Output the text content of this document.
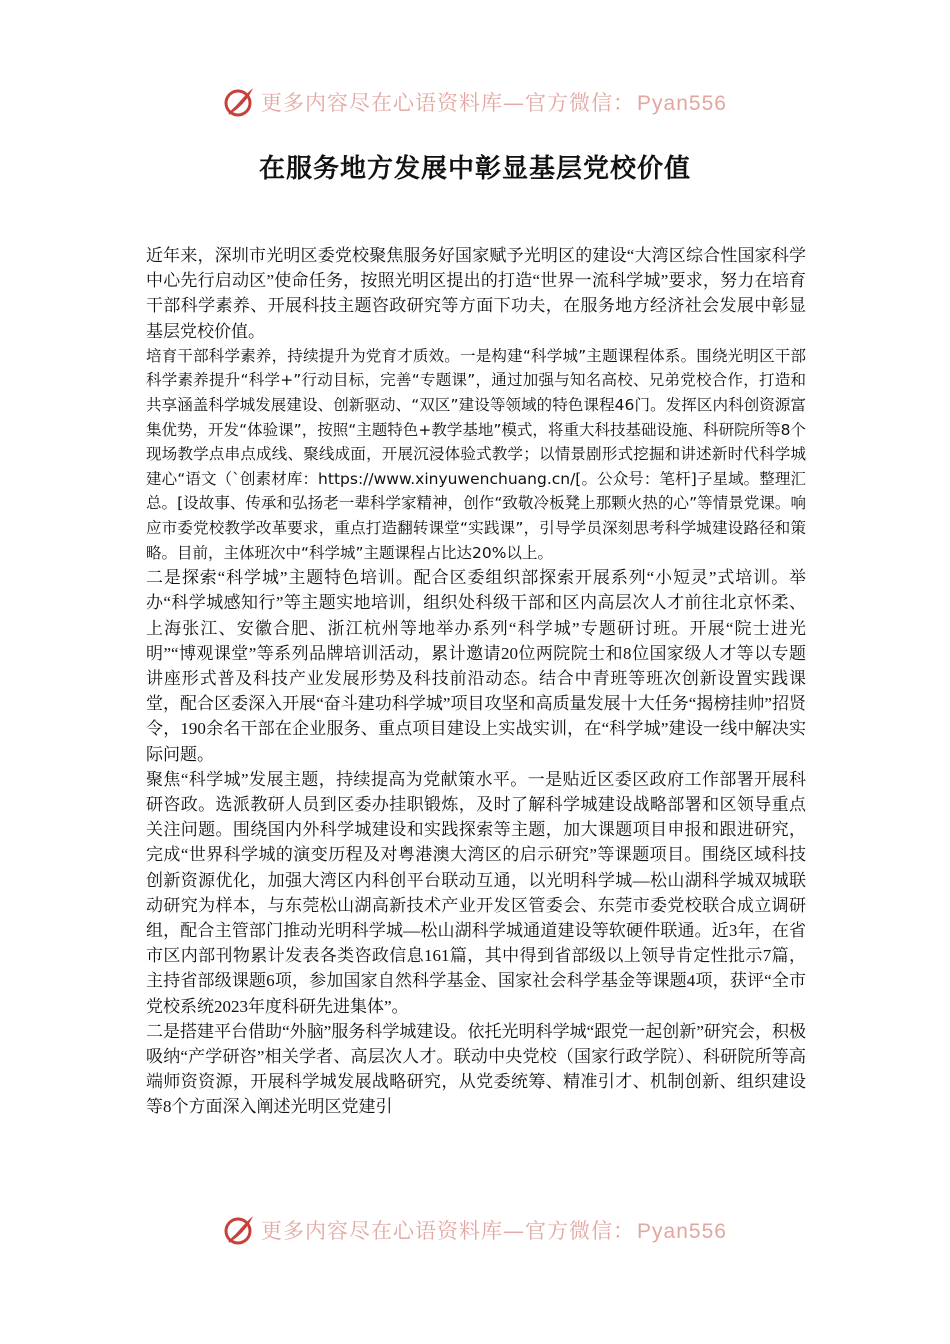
更多内容尽在心语资料库—官方微信：Pyan556
在服务地方发展中彰显基层党校价值

近年来，深圳市光明区委党校聚焦服务好国家赋予光明区的建设“大湾区综合性国家科学中心先行启动区”使命任务，按照光明区提出的打造“世界一流科学城”要求，努力在培育干部科学素养、开展科技主题咨政研究等方面下功夫，在服务地方经济社会发展中彰显基层党校价值。

培育干部科学素养，持续提升为党育才质效。一是构建“科学城”主题课程体系。围绕光明区干部科学素养提升“科学+”行动目标，完善“专题课”，通过加强与知名高校、兄弟党校合作，打造和共享涵盖科学城发展建设、创新驱动、“双区”建设等领域的特色课程46门。发挥区内科创资源富集优势，开发“体验课”，按照“主题特色+教学基地”模式，将重大科技基础设施、科研院所等8个现场教学点串点成线、聚线成面，开展沉浸体验式教学；以情景剧形式挖掘和讲述新时代科学城建心“语文（`创素材库：https://www.xinyuwenchuang.cn/[。公众号：笔杆]子星域。整理汇总。[设故事、传承和弘扬老一辈科学家精神，创作“致敬冷板凳上那颗火热的心”等情景党课。响应市委党校教学改革要求，重点打造翻转课堂“实践课”，引导学员深刻思考科学城建设路径和策略。目前，主体班次中“科学城”主题课程占比达20%以上。

二是探索“科学城”主题特色培训。配合区委组织部探索开展系列“小短灵”式培训。举办“科学城感知行”等主题实地培训，组织处科级干部和区内高层次人才前往北京怀柔、上海张江、安徽合肥、浙江杭州等地举办系列“科学城”专题研讨班。开展“院士进光明”“博观课堂”等系列品牌培训活动，累计邀请20位两院院士和8位国家级人才等以专题讲座形式普及科技产业发展形势及科技前沿动态。结合中青班等班次创新设置实践课堂，配合区委深入开展“奋斗建功科学城”项目攻坚和高质量发展十大任务“揭榜挂帅”招贤令，190余名干部在企业服务、重点项目建设上实战实训，在“科学城”建设一线中解决实际问题。

聚焦“科学城”发展主题，持续提高为党献策水平。一是贴近区委区政府工作部署开展科研咨政。选派教研人员到区委办挂职锻炼，及时了解科学城建设战略部署和区领导重点关注问题。围绕国内外科学城建设和实践探索等主题，加大课题项目申报和跟进研究，完成“世界科学城的演变历程及对粤港澳大湾区的启示研究”等课题项目。围绕区域科技创新资源优化，加强大湾区内科创平台联动互通，以光明科学城—松山湖科学城双城联动研究为样本，与东莞松山湖高新技术产业开发区管委会、东莞市委党校联合成立调研组，配合主管部门推动光明科学城—松山湖科学城通道建设等软硬件联通。近3年，在省市区内部刊物累计发表各类咨政信息161篇，其中得到省部级以上领导肯定性批示7篇，主持省部级课题6项，参加国家自然科学基金、国家社会科学基金等课题4项，获评“全市党校系统2023年度科研先进集体”。

二是搭建平台借助“外脑”服务科学城建设。依托光明科学城“跟党一起创新”研究会，积极吸纳“产学研咨”相关学者、高层次人才。联动中央党校（国家行政学院）、科研院所等高端师资资源，开展科学城发展战略研究，从党委统筹、精准引才、机制创新、组织建设等8个方面深入阐述光明区党建引

更多内容尽在心语资料库—官方微信：Pyan556
